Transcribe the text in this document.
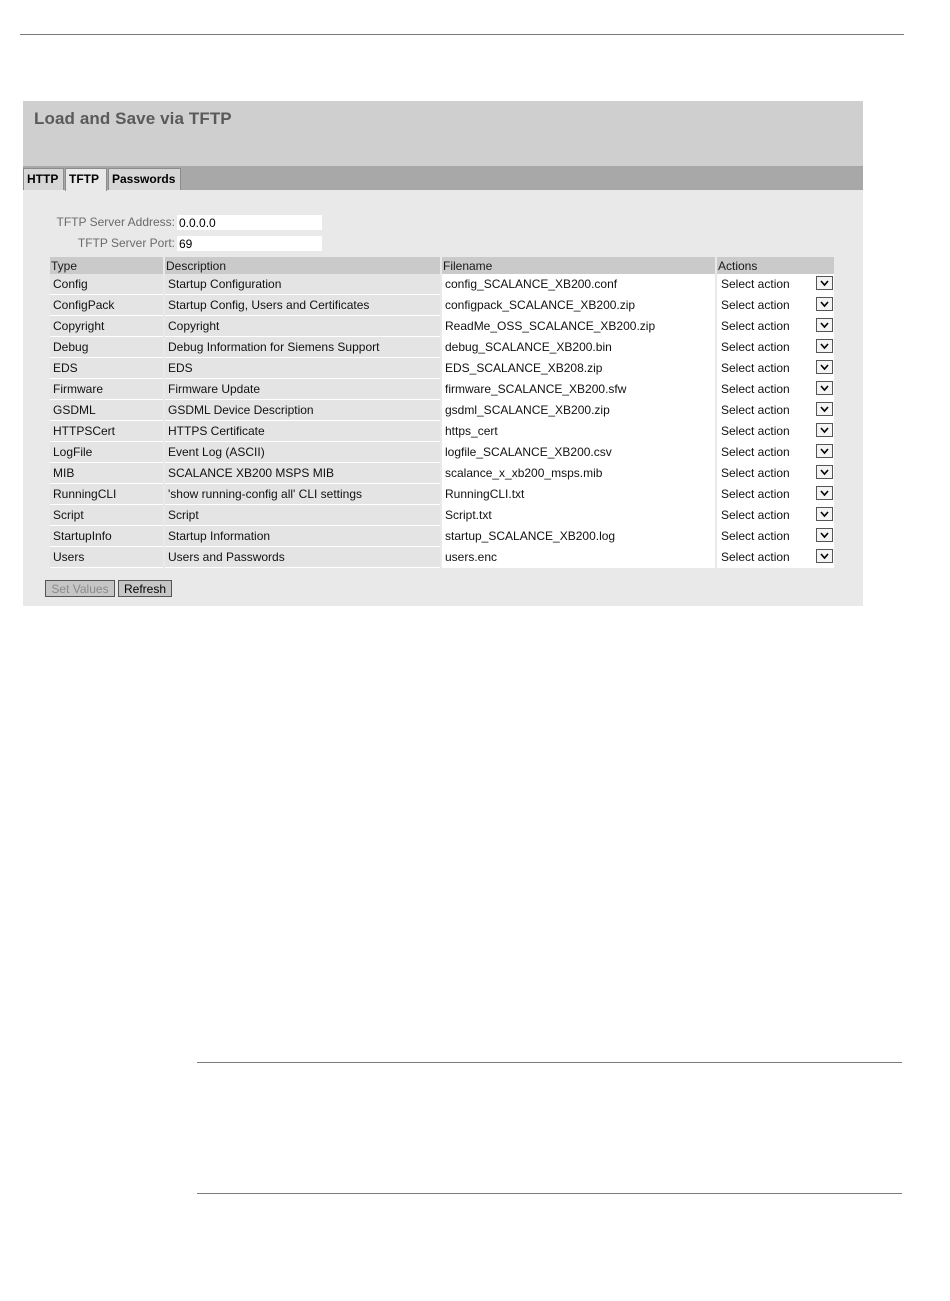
Load and Save via TFTP
HTTP TFTP	Passwords
TFTP Server Address:
0.0.0.0
TFTP Server Port:
69
Type	Description	Filename	Actions
Config	Startup Configuration	config_SCALANCE_XB200.conf	Select action

ConfigPack	Startup Config, Users and Certificates	configpack_SCALANCE_XB200.zip	Select action

Copyright	Copyright	ReadMe_OSS_SCALANCE_XB200.zip	Select action

Debug	Debug Information for Siemens Support	debug_SCALANCE_XB200.bin	Select action

EDS	EDS	EDS_SCALANCE_XB208.zip	Select action

Firmware	Firmware Update	firmware_SCALANCE_XB200.sfw	Select action

GSDML	GSDML Device Description	gsdml_SCALANCE_XB200.zip	Select action

HTTPSCert	HTTPS Certificate	https_cert	Select action

LogFile	Event Log (ASCII)	logfile_SCALANCE_XB200.csv	Select action

MIB	SCALANCE XB200 MSPS MIB	scalance_x_xb200_msps.mib	Select action

RunningCLI	'show running-config all' CLI settings	RunningCLI.txt	Select action

Script	Script	Script.txt	Select action

StartupInfo	Startup Information	startup_SCALANCE_XB200.log	Select action

Users	Users and Passwords	users.enc	Select action
Set Values	Refresh
